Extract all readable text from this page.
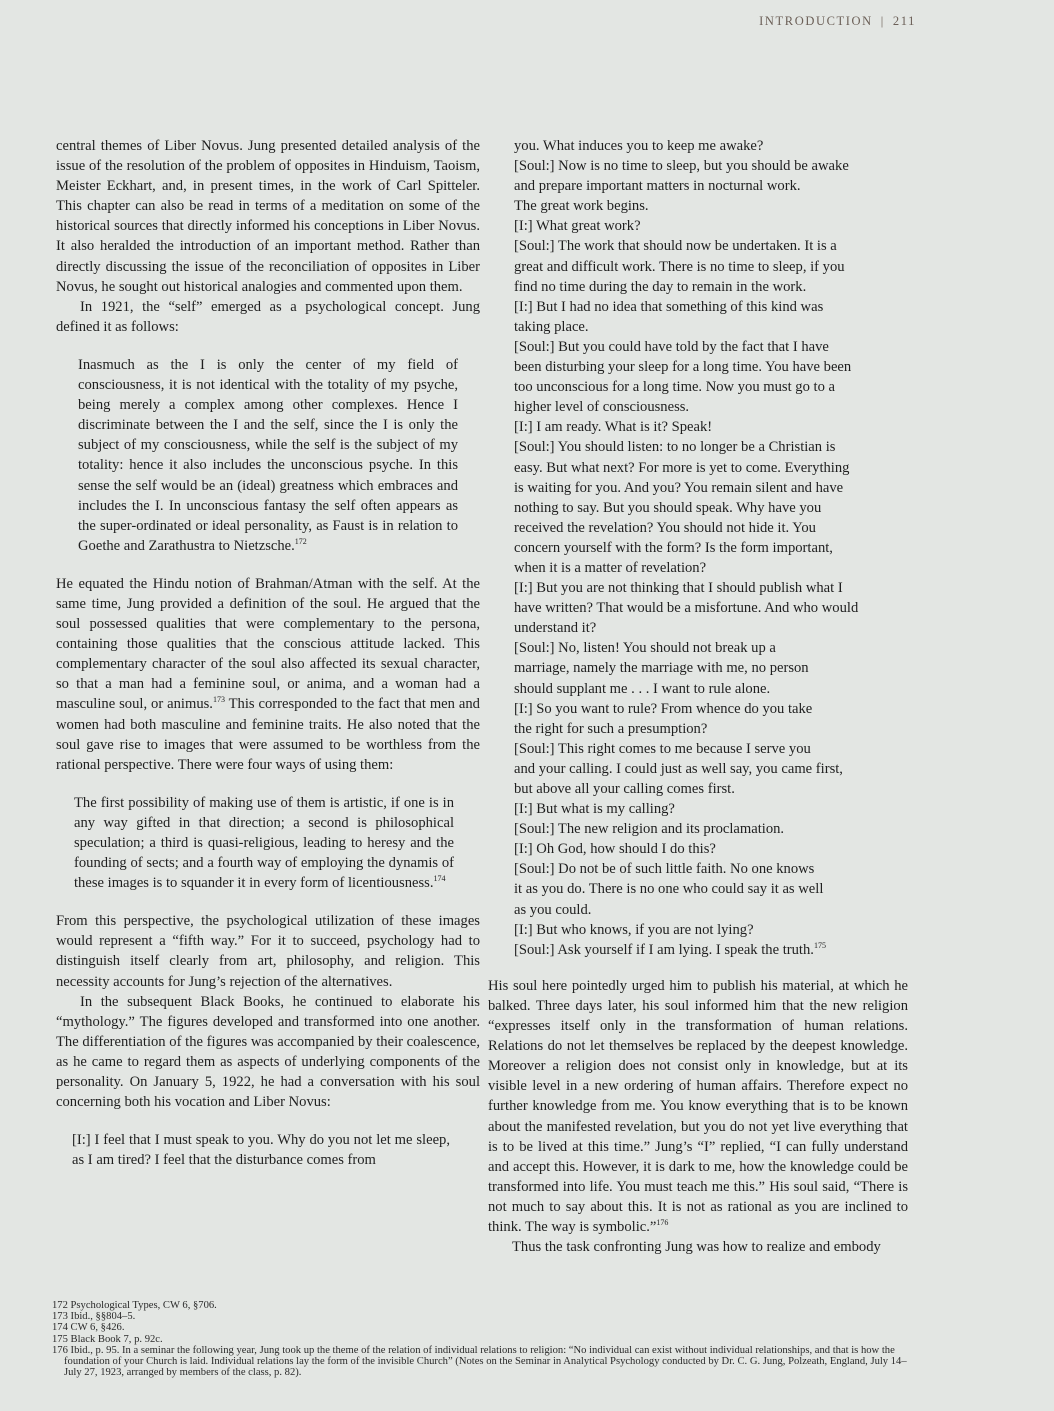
INTRODUCTION | 211

central themes of Liber Novus. Jung presented detailed analysis of the issue of the resolution of the problem of opposites in Hinduism, Taoism, Meister Eckhart, and, in present times, in the work of Carl Spitteler. This chapter can also be read in terms of a meditation on some of the historical sources that directly informed his conceptions in Liber Novus. It also heralded the introduction of an important method. Rather than directly discussing the issue of the reconciliation of opposites in Liber Novus, he sought out historical analogies and commented upon them.

In 1921, the “self” emerged as a psychological concept. Jung defined it as follows:

Inasmuch as the I is only the center of my field of consciousness, it is not identical with the totality of my psyche, being merely a complex among other complexes. Hence I discriminate between the I and the self, since the I is only the subject of my consciousness, while the self is the subject of my totality: hence it also includes the unconscious psyche. In this sense the self would be an (ideal) greatness which embraces and includes the I. In unconscious fantasy the self often appears as the super-ordinated or ideal personality, as Faust is in relation to Goethe and Zarathustra to Nietzsche.$^{172}$

He equated the Hindu notion of Brahman/Atman with the self. At the same time, Jung provided a definition of the soul. He argued that the soul possessed qualities that were complementary to the persona, containing those qualities that the conscious attitude lacked. This complementary character of the soul also affected its sexual character, so that a man had a feminine soul, or anima, and a woman had a masculine soul, or animus.$^{173}$ This corresponded to the fact that men and women had both masculine and feminine traits. He also noted that the soul gave rise to images that were assumed to be worthless from the rational perspective. There were four ways of using them:

The first possibility of making use of them is artistic, if one is in any way gifted in that direction; a second is philosophical speculation; a third is quasi-religious, leading to heresy and the founding of sects; and a fourth way of employing the dynamis of these images is to squander it in every form of licentiousness.$^{174}$

From this perspective, the psychological utilization of these images would represent a “fifth way.” For it to succeed, psychology had to distinguish itself clearly from art, philosophy, and religion. This necessity accounts for Jung’s rejection of the alternatives.

In the subsequent Black Books, he continued to elaborate his “mythology.” The figures developed and transformed into one another. The differentiation of the figures was accompanied by their coalescence, as he came to regard them as aspects of underlying components of the personality. On January 5, 1922, he had a conversation with his soul concerning both his vocation and Liber Novus:

[I:] I feel that I must speak to you. Why do you not let me sleep, as I am tired? I feel that the disturbance comes from
you. What induces you to keep me awake?
[Soul:] Now is no time to sleep, but you should be awake
and prepare important matters in nocturnal work.
The great work begins.
[I:] What great work?
[Soul:] The work that should now be undertaken. It is a
great and difficult work. There is no time to sleep, if you
find no time during the day to remain in the work.
[I:] But I had no idea that something of this kind was
taking place.
[Soul:] But you could have told by the fact that I have
been disturbing your sleep for a long time. You have been
too unconscious for a long time. Now you must go to a
higher level of consciousness.
[I:] I am ready. What is it? Speak!
[Soul:] You should listen: to no longer be a Christian is
easy. But what next? For more is yet to come. Everything
is waiting for you. And you? You remain silent and have
nothing to say. But you should speak. Why have you
received the revelation? You should not hide it. You
concern yourself with the form? Is the form important,
when it is a matter of revelation?
[I:] But you are not thinking that I should publish what I
have written? That would be a misfortune. And who would
understand it?
[Soul:] No, listen! You should not break up a
marriage, namely the marriage with me, no person
should supplant me . . . I want to rule alone.
[I:] So you want to rule? From whence do you take
the right for such a presumption?
[Soul:] This right comes to me because I serve you
and your calling. I could just as well say, you came first,
but above all your calling comes first.
[I:] But what is my calling?
[Soul:] The new religion and its proclamation.
[I:] Oh God, how should I do this?
[Soul:] Do not be of such little faith. No one knows
it as you do. There is no one who could say it as well
as you could.
[I:] But who knows, if you are not lying?
[Soul:] Ask yourself if I am lying. I speak the truth.$^{175}$

His soul here pointedly urged him to publish his material, at which he balked. Three days later, his soul informed him that the new religion “expresses itself only in the transformation of human relations. Relations do not let themselves be replaced by the deepest knowledge. Moreover a religion does not consist only in knowledge, but at its visible level in a new ordering of human affairs. Therefore expect no further knowledge from me. You know everything that is to be known about the manifested revelation, but you do not yet live everything that is to be lived at this time.” Jung’s “I” replied, “I can fully understand and accept this. However, it is dark to me, how the knowledge could be transformed into life. You must teach me this.” His soul said, “There is not much to say about this. It is not as rational as you are inclined to think. The way is symbolic.”$^{176}$

Thus the task confronting Jung was how to realize and embody

172 Psychological Types, CW 6, §706.
173 Ibid., §§804–5.
174 CW 6, §426.
175 Black Book 7, p. 92c.
176 Ibid., p. 95. In a seminar the following year, Jung took up the theme of the relation of individual relations to religion: “No individual can exist without individual relationships, and that is how the foundation of your Church is laid. Individual relations lay the form of the invisible Church” (Notes on the Seminar in Analytical Psychology conducted by Dr. C. G. Jung, Polzeath, England, July 14–July 27, 1923, arranged by members of the class, p. 82).
